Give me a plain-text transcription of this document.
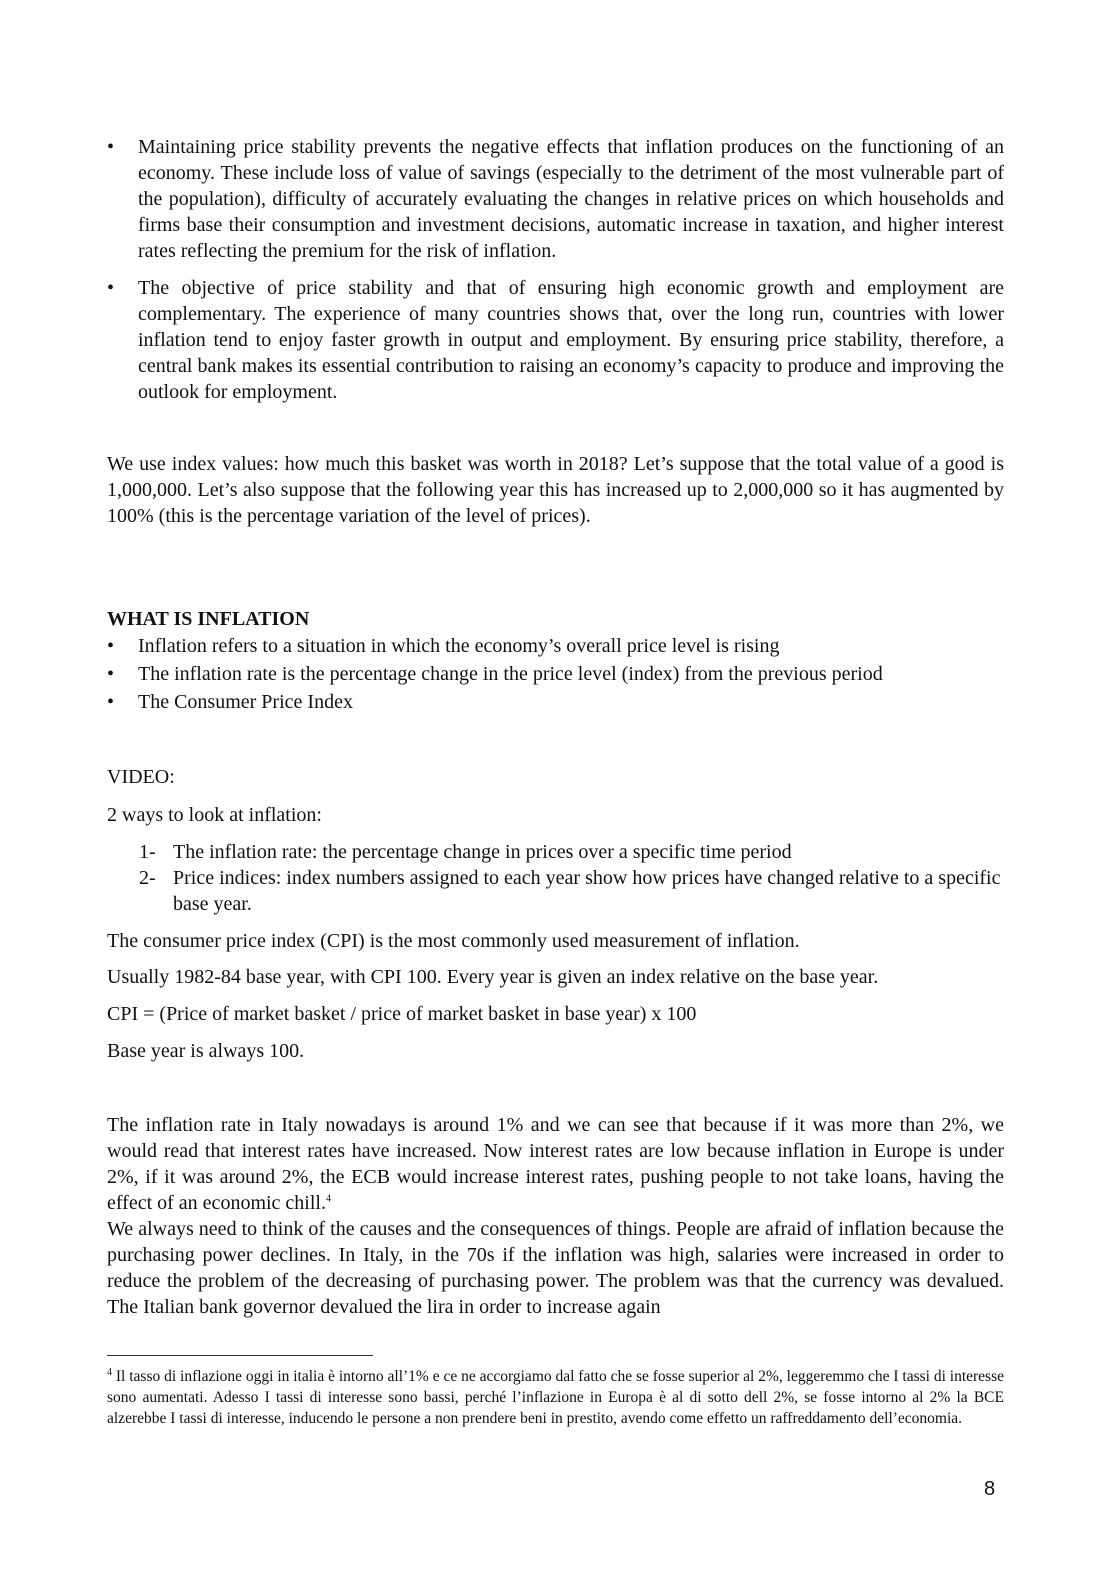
• Maintaining price stability prevents the negative effects that inflation produces on the functioning of an economy. These include loss of value of savings (especially to the detriment of the most vulnerable part of the population), difficulty of accurately evaluating the changes in relative prices on which households and firms base their consumption and investment decisions, automatic increase in taxation, and higher interest rates reflecting the premium for the risk of inflation.
• The objective of price stability and that of ensuring high economic growth and employment are complementary. The experience of many countries shows that, over the long run, countries with lower inflation tend to enjoy faster growth in output and employment. By ensuring price stability, therefore, a central bank makes its essential contribution to raising an economy’s capacity to produce and improving the outlook for employment.
We use index values: how much this basket was worth in 2018? Let’s suppose that the total value of a good is 1,000,000. Let’s also suppose that the following year this has increased up to 2,000,000 so it has augmented by 100% (this is the percentage variation of the level of prices).

WHAT IS INFLATION

• Inflation refers to a situation in which the economy’s overall price level is rising
• The inflation rate is the percentage change in the price level (index) from the previous period
• The Consumer Price Index
VIDEO:
2 ways to look at inflation:
1- The inflation rate: the percentage change in prices over a specific time period
2- Price indices: index numbers assigned to each year show how prices have changed relative to a specific base year.
The consumer price index (CPI) is the most commonly used measurement of inflation.
Usually 1982-84 base year, with CPI 100. Every year is given an index relative on the base year.
CPI = (Price of market basket / price of market basket in base year) x 100
Base year is always 100.

The inflation rate in Italy nowadays is around 1% and we can see that because if it was more than 2%, we would read that interest rates have increased. Now interest rates are low because inflation in Europe is under 2%, if it was around 2%, the ECB would increase interest rates, pushing people to not take loans, having the effect of an economic chill.$^4$

We always need to think of the causes and the consequences of things. People are afraid of inflation because the purchasing power declines. In Italy, in the 70s if the inflation was high, salaries were increased in order to reduce the problem of the decreasing of purchasing power. The problem was that the currency was devalued. The Italian bank governor devalued the lira in order to increase again

$^4$ Il tasso di inflazione oggi in italia è intorno all’1% e ce ne accorgiamo dal fatto che se fosse superior al 2%, leggeremmo che I tassi di interesse sono aumentati. Adesso I tassi di interesse sono bassi, perché l’inflazione in Europa è al di sotto dell 2%, se fosse intorno al 2% la BCE alzerebbe I tassi di interesse, inducendo le persone a non prendere beni in prestito, avendo come effetto un raffreddamento dell’economia.
8
